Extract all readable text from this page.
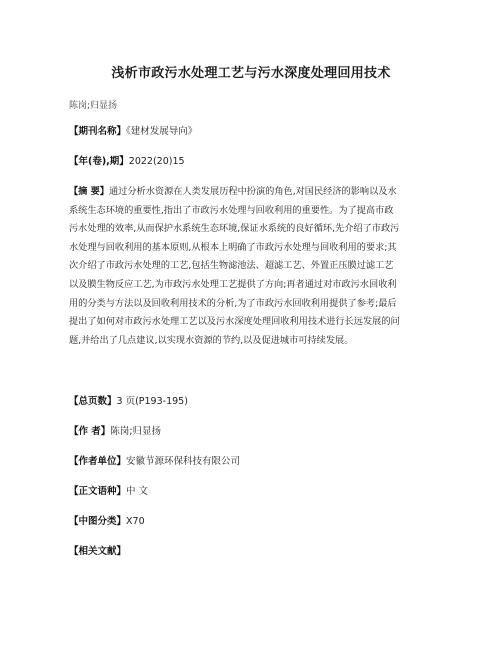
浅析市政污水处理工艺与污水深度处理回用技术
陈岗;归显扬
【期刊名称】《建材发展导向》
【年(卷),期】2022(20)15
【摘 要】通过分析水资源在人类发展历程中扮演的角色,对国民经济的影响以及水
系统生态环境的重要性,指出了市政污水处理与回收利用的重要性。为了提高市政
污水处理的效率,从而保护水系统生态环境,保证水系统的良好循环,先介绍了市政污
水处理与回收利用的基本原则,从根本上明确了市政污水处理与回收利用的要求;其
次介绍了市政污水处理的工艺,包括生物滤池法、超滤工艺、外置正压膜过滤工艺
以及膜生物反应工艺,为市政污水处理工艺提供了方向;再者通过对市政污水回收利
用的分类与方法以及回收利用技术的分析,为了市政污水回收利用提供了参考;最后
提出了如何对市政污水处理工艺以及污水深度处理回收利用技术进行长远发展的问
题,并给出了几点建议,以实现水资源的节约,以及促进城市可持续发展。
【总页数】3 页(P193-195)
【作 者】陈岗;归显扬
【作者单位】安徽节源环保科技有限公司
【正文语种】中 文
【中图分类】X70
【相关文献】
